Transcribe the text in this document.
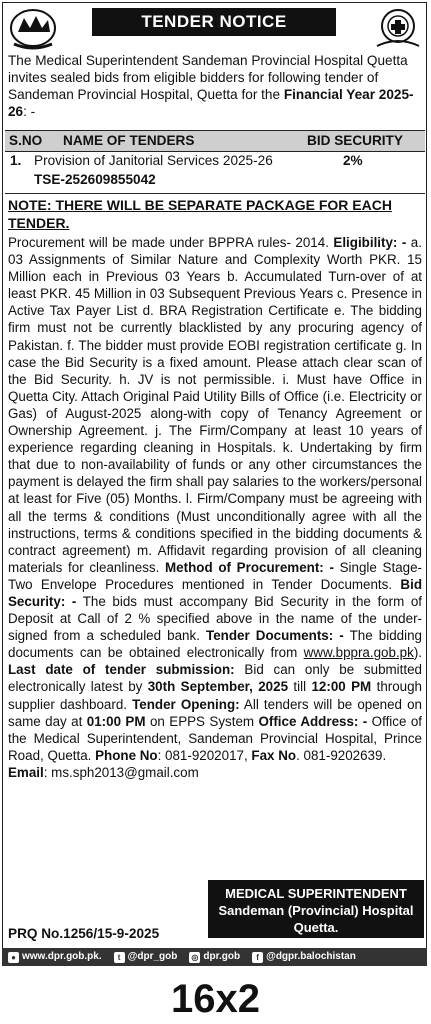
TENDER NOTICE
The Medical Superintendent Sandeman Provincial Hospital Quetta invites sealed bids from eligible bidders for following tender of Sandeman Provincial Hospital, Quetta for the Financial Year 2025-26: -
S.NO NAME OF TENDERS	BID SECURITY
1. Provision of Janitorial Services 2025-26	2%
TSE-252609855042
NOTE: THERE WILL BE SEPARATE PACKAGE FOR EACH TENDER.
Procurement will be made under BPPRA rules- 2014. Eligibility: - a. 03 Assignments of Similar Nature and Complexity Worth PKR. 15 Million each in Previous 03 Years b. Accumulated Turn-over of at least PKR. 45 Million in 03 Subsequent Previous Years c. Presence in Active Tax Payer List d. BRA Registration Certificate e. The bidding firm must not be currently blacklisted by any procuring agency of Pakistan. f. The bidder must provide EOBI registration certificate g. In case the Bid Security is a fixed amount. Please attach clear scan of the Bid Security. h. JV is not permissible. i. Must have Office in Quetta City. Attach Original Paid Utility Bills of Office (i.e. Electricity or Gas) of August-2025 along-with copy of Tenancy Agreement or Ownership Agreement. j. The Firm/Company at least 10 years of experience regarding cleaning in Hospitals. k. Undertaking by firm that due to non-availability of funds or any other circumstances the payment is delayed the firm shall pay salaries to the workers/personal at least for Five (05) Months. l. Firm/Company must be agreeing with all the terms & conditions (Must unconditionally agree with all the instructions, terms & conditions specified in the bidding documents & contract agreement) m. Affidavit regarding provision of all cleaning materials for cleanliness. Method of Procurement: - Single Stage- Two Envelope Procedures mentioned in Tender Documents. Bid Security: - The bids must accompany Bid Security in the form of Deposit at Call of 2 % specified above in the name of the under-signed from a scheduled bank. Tender Documents: - The bidding documents can be obtained electronically from www.bppra.gob.pk). Last date of tender submission: Bid can only be submitted electronically latest by 30th September, 2025 till 12:00 PM through supplier dashboard. Tender Opening: All tenders will be opened on same day at 01:00 PM on EPPS System Office Address: - Office of the Medical Superintendent, Sandeman Provincial Hospital, Prince Road, Quetta. Phone No: 081-9202017, Fax No. 081-9202639.
Email: ms.sph2013@gmail.com
MEDICAL SUPERINTENDENT
Sandeman (Provincial) Hospital
Quetta.
PRQ No.1256/15-9-2025
● www.dpr.gob.pk.	t @dpr_gob ◎ dpr.gob	f @dgpr.balochistan
16x2
